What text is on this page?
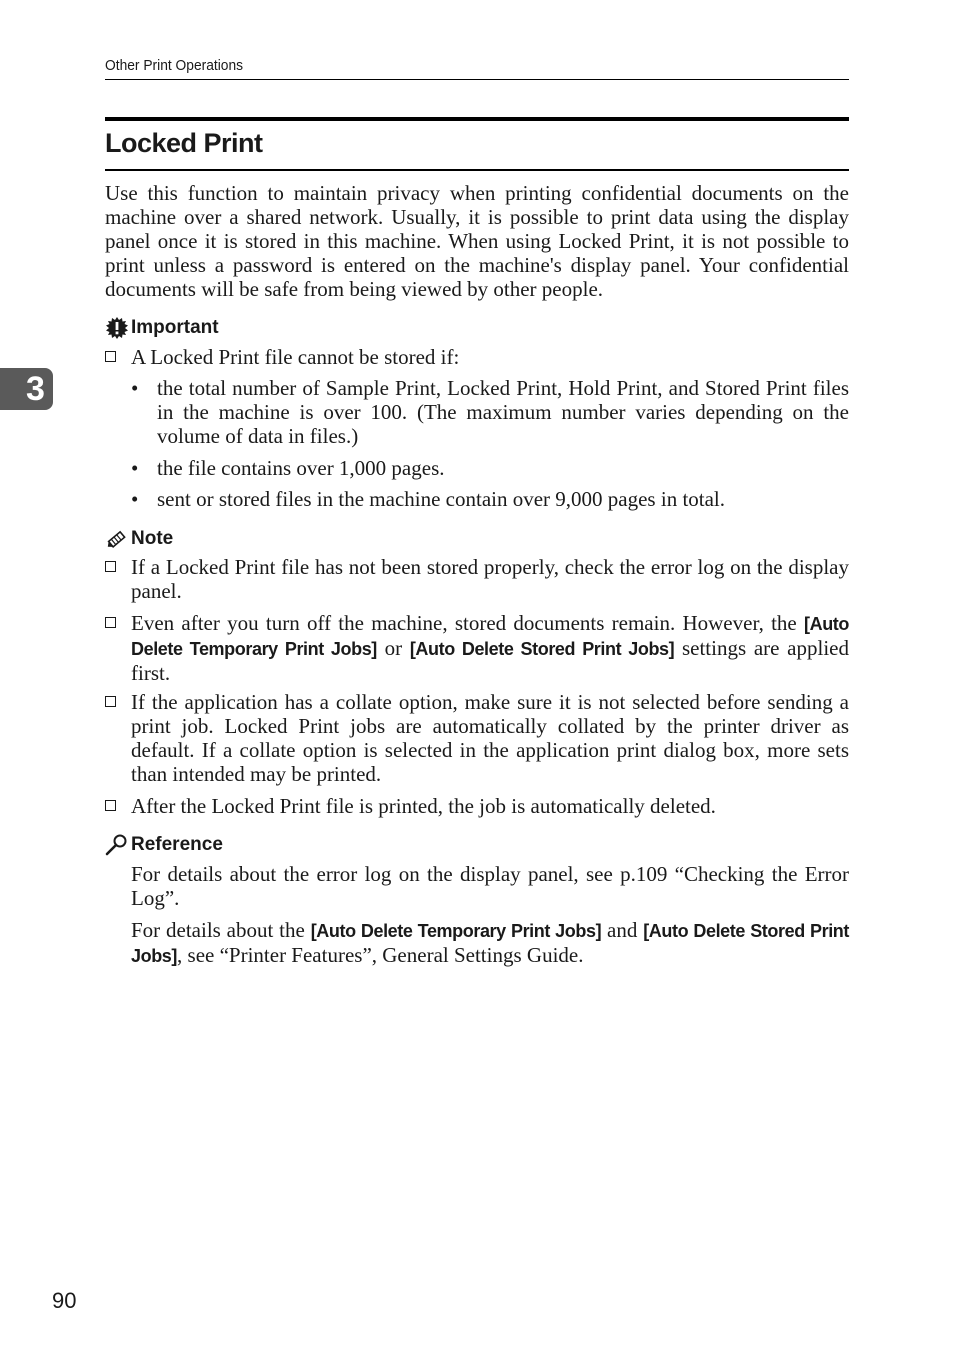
Other Print Operations
Locked Print
3

Use this function to maintain privacy when printing confidential documents on the machine over a shared network. Usually, it is possible to print data using the display panel once it is stored in this machine. When using Locked Print, it is not possible to print unless a password is entered on the machine's display panel. Your confidential documents will be safe from being viewed by other people.

Important
A Locked Print file cannot be stored if:
• the total number of Sample Print, Locked Print, Hold Print, and Stored Print files in the machine is over 100. (The maximum number varies depending on the volume of data in files.)
• the file contains over 1,000 pages.
• sent or stored files in the machine contain over 9,000 pages in total.
Note
If a Locked Print file has not been stored properly, check the error log on the display panel.
Even after you turn off the machine, stored documents remain. However, the [Auto Delete Temporary Print Jobs] or [Auto Delete Stored Print Jobs] settings are applied first.
If the application has a collate option, make sure it is not selected before sending a print job. Locked Print jobs are automatically collated by the printer driver as default. If a collate option is selected in the application print dialog box, more sets than intended may be printed.
After the Locked Print file is printed, the job is automatically deleted.
Reference

For details about the error log on the display panel, see p.109 “Checking the Error Log”.

For details about the [Auto Delete Temporary Print Jobs] and [Auto Delete Stored Print Jobs], see “Printer Features”, General Settings Guide.

90
